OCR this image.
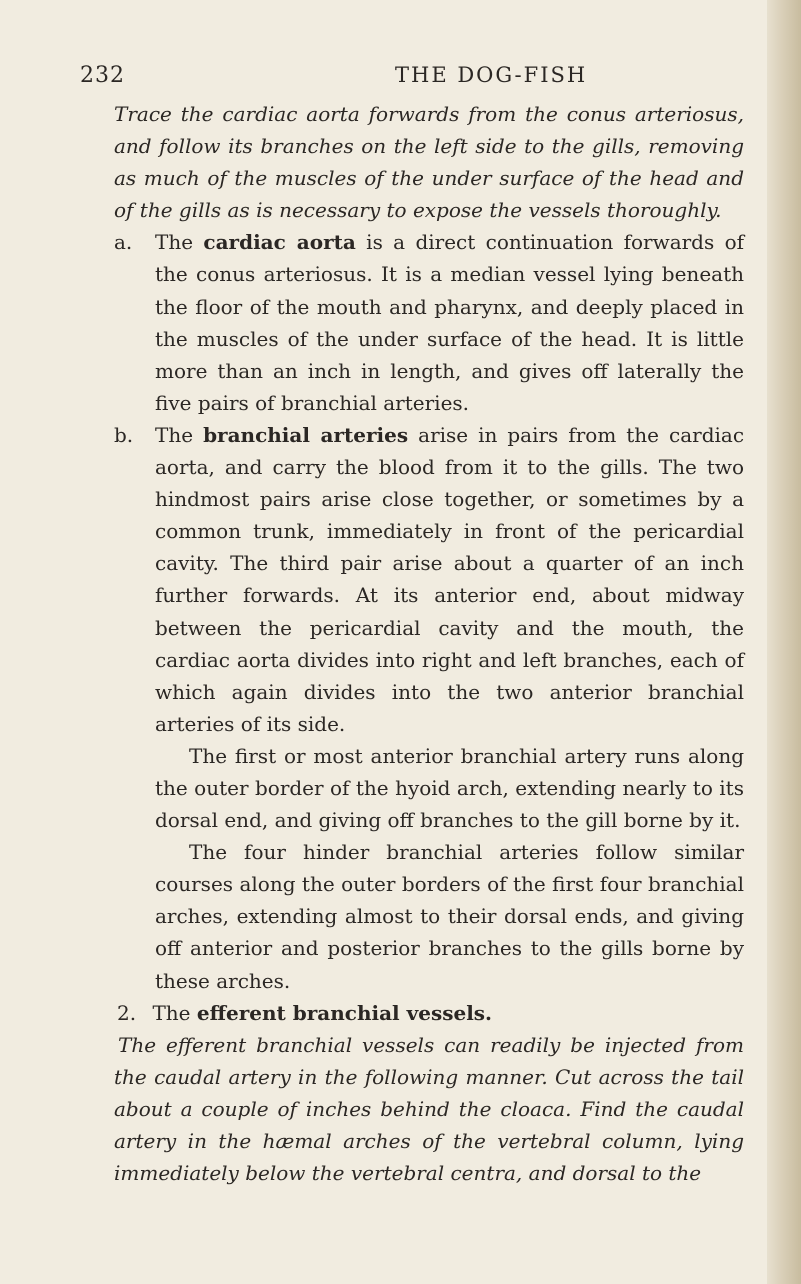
232	THE DOG-FISH

Trace the cardiac aorta forwards from the conus arteriosus, and follow its branches on the left side to the gills, removing as much of the muscles of the under surface of the head and of the gills as is necessary to expose the vessels thoroughly.

a. The cardiac aorta is a direct continuation forwards of the conus arteriosus. It is a median vessel lying beneath the floor of the mouth and pharynx, and deeply placed in the muscles of the under surface of the head. It is little more than an inch in length, and gives off laterally the five pairs of branchial arteries.

b. The branchial arteries arise in pairs from the cardiac aorta, and carry the blood from it to the gills. The two hindmost pairs arise close together, or sometimes by a common trunk, immediately in front of the pericardial cavity. The third pair arise about a quarter of an inch further forwards. At its anterior end, about midway between the pericardial cavity and the mouth, the cardiac aorta divides into right and left branches, each of which again divides into the two anterior branchial arteries of its side.

The first or most anterior branchial artery runs along the outer border of the hyoid arch, extending nearly to its dorsal end, and giving off branches to the gill borne by it.

The four hinder branchial arteries follow similar courses along the outer borders of the first four branchial arches, extending almost to their dorsal ends, and giving off anterior and posterior branches to the gills borne by these arches.

2. The efferent branchial vessels.

The efferent branchial vessels can readily be injected from the caudal artery in the following manner. Cut across the tail about a couple of inches behind the cloaca. Find the caudal artery in the hæmal arches of the vertebral column, lying immediately below the vertebral centra, and dorsal to the
